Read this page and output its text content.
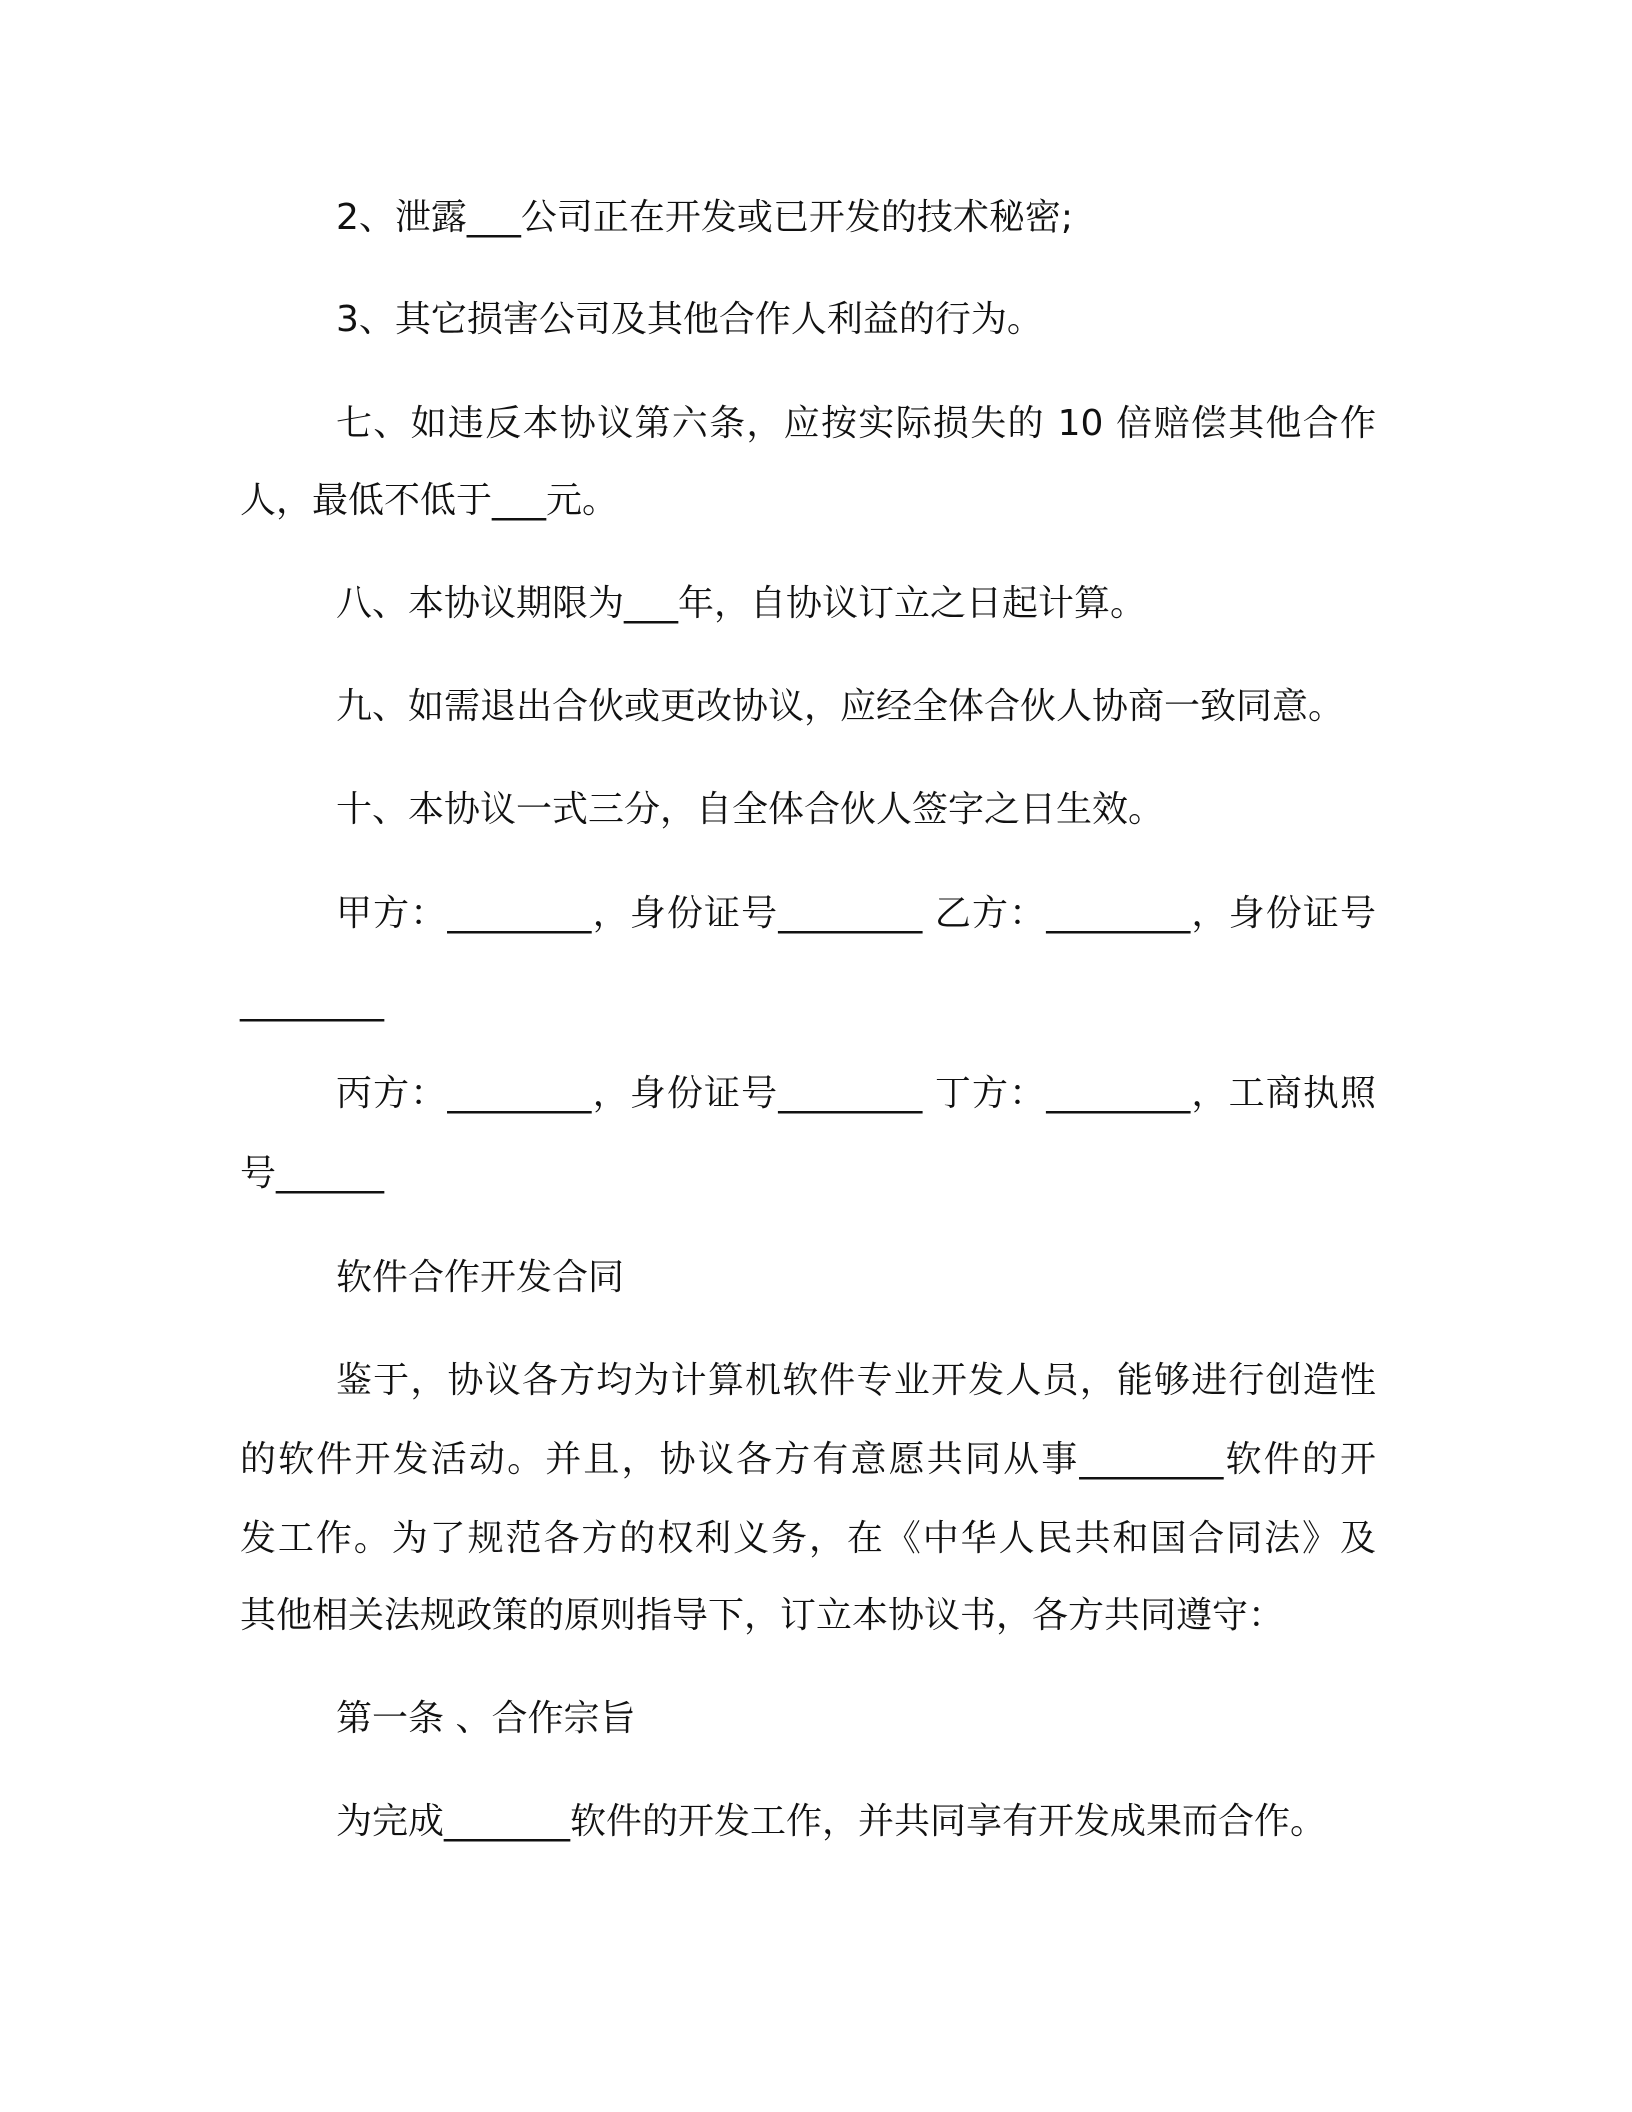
2、泄露___公司正在开发或已开发的技术秘密;

3、其它损害公司及其他合作人利益的行为。

七、如违反本协议第六条，应按实际损失的 10 倍赔偿其他合作

人，最低不低于___元。

八、本协议期限为___年，自协议订立之日起计算。

九、如需退出合伙或更改协议，应经全体合伙人协商一致同意。

十、本协议一式三分，自全体合伙人签字之日生效。

甲方：________，身份证号________ 乙方：________，身份证号

________

丙方：________，身份证号________ 丁方：________，工商执照

号______

软件合作开发合同

鉴于，协议各方均为计算机软件专业开发人员，能够进行创造性

的软件开发活动。并且，协议各方有意愿共同从事________软件的开

发工作。为了规范各方的权利义务，在《中华人民共和国合同法》及

其他相关法规政策的原则指导下，订立本协议书，各方共同遵守：

第一条 、合作宗旨

为完成_______软件的开发工作，并共同享有开发成果而合作。
